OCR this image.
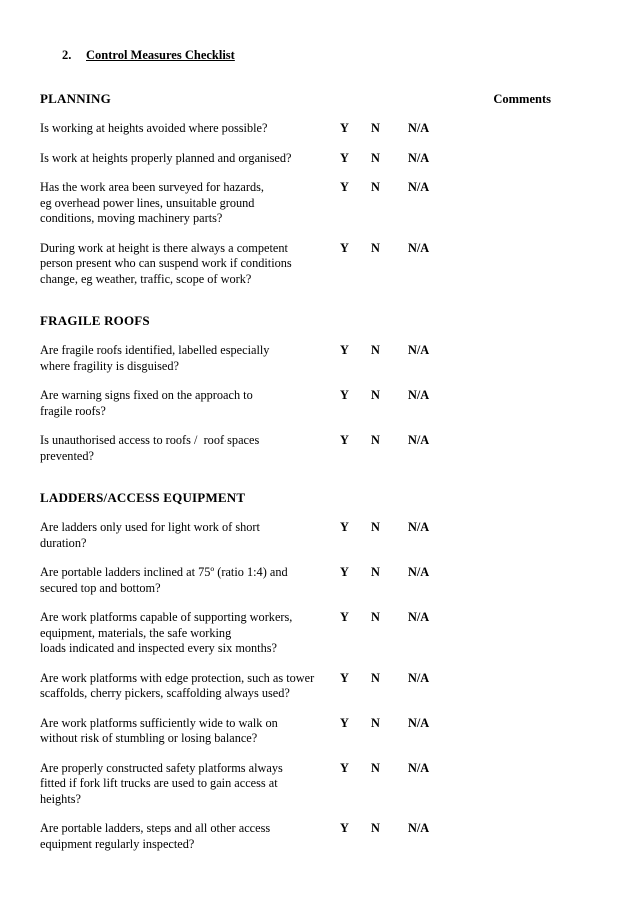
2.	Control Measures Checklist
PLANNING	Comments
Is working at heights avoided where possible?	Y	N	N/A
Is work at heights properly planned and organised?	Y	N	N/A
Has the work area been surveyed for hazards,
eg overhead power lines, unsuitable ground
conditions, moving machinery parts?
Y	N	N/A
During work at height is there always a competent
person present who can suspend work if conditions
change, eg weather, traffic, scope of work?
Y	N	N/A
FRAGILE ROOFS
Are fragile roofs identified, labelled especially
where fragility is disguised?
Y	N	N/A
Are warning signs fixed on the approach to
fragile roofs?
Y	N	N/A
Is unauthorised access to roofs /  roof spaces
prevented?
Y	N	N/A
LADDERS/ACCESS EQUIPMENT
Are ladders only used for light work of short
duration?
Y	N	N/A
Are portable ladders inclined at 75º (ratio 1:4) and
secured top and bottom?
Y	N	N/A
Are work platforms capable of supporting workers,
equipment, materials, the safe working
loads indicated and inspected every six months?
Y	N	N/A
Are work platforms with edge protection, such as tower
scaffolds, cherry pickers, scaffolding always used?
Y	N	N/A
Are work platforms sufficiently wide to walk on
without risk of stumbling or losing balance?
Y	N	N/A
Are properly constructed safety platforms always
fitted if fork lift trucks are used to gain access at
heights?
Y	N	N/A
Are portable ladders, steps and all other access
equipment regularly inspected?
Y	N	N/A
